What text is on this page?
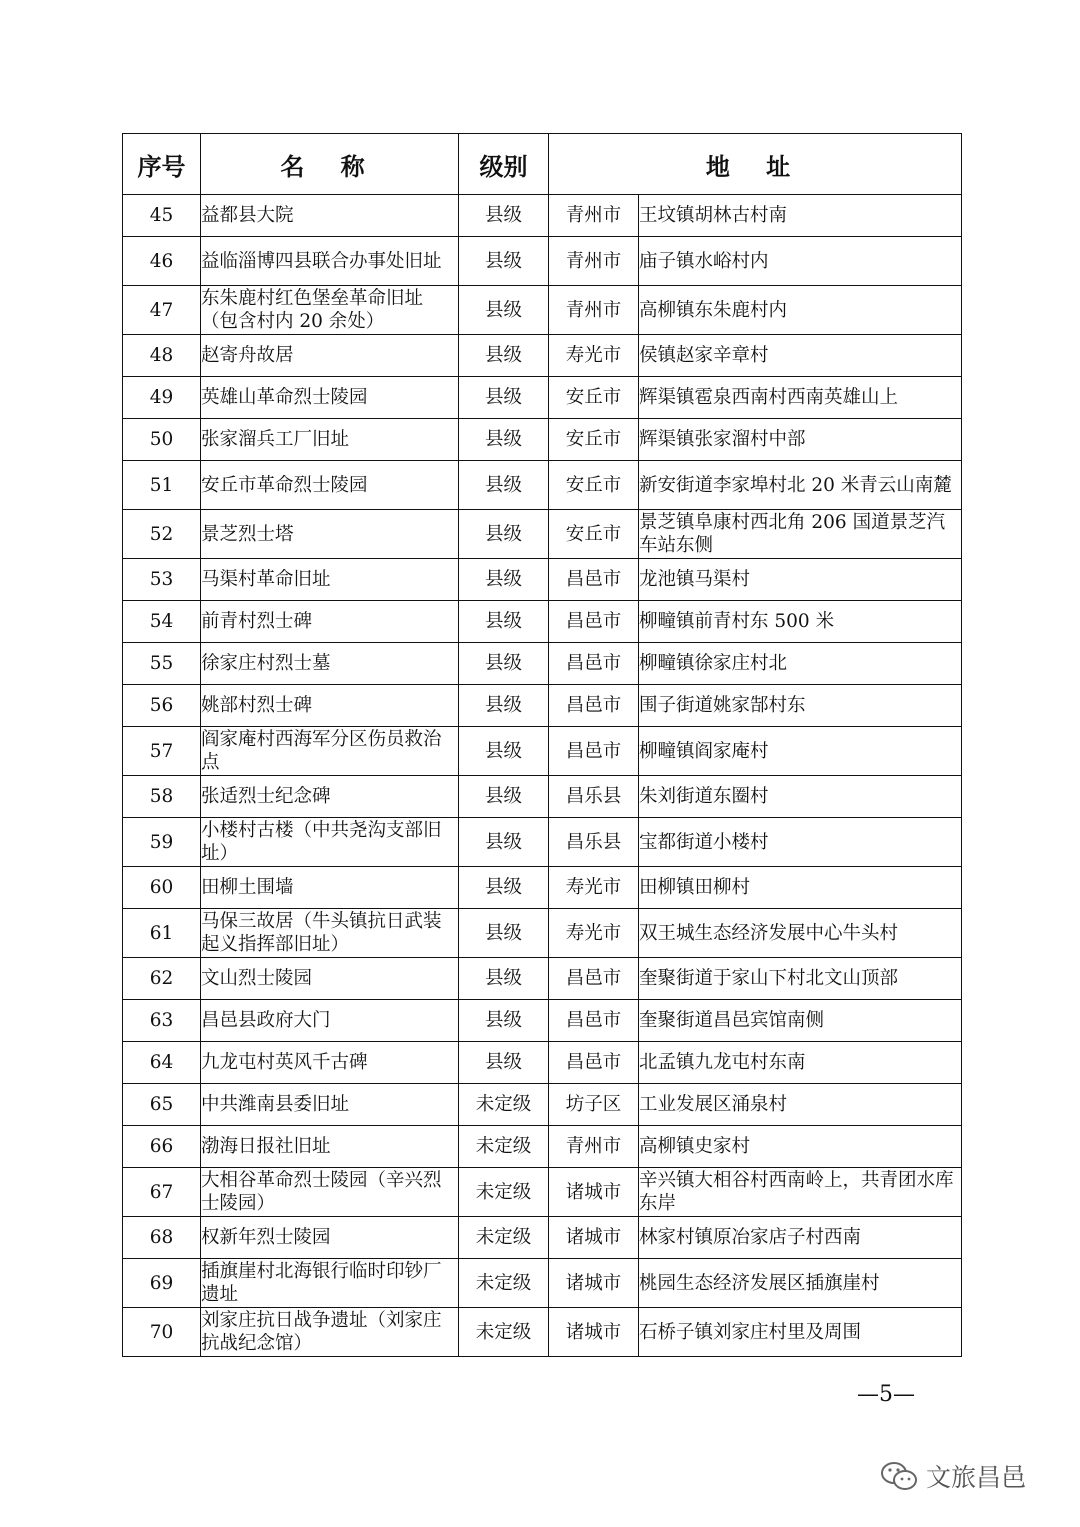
序号	名 称	级别	地 址	
45	益都县大院	县级	青州市	王坟镇胡林古村南
46	益临淄博四县联合办事处旧址	县级	青州市	庙子镇水峪村内
47	东朱鹿村红色堡垒革命旧址（包含村内 20 余处）	县级	青州市	高柳镇东朱鹿村内
48	赵寄舟故居	县级	寿光市	侯镇赵家辛章村
49	英雄山革命烈士陵园	县级	安丘市	辉渠镇雹泉西南村西南英雄山上
50	张家溜兵工厂旧址	县级	安丘市	辉渠镇张家溜村中部
51	安丘市革命烈士陵园	县级	安丘市	新安街道李家埠村北 20 米青云山南麓
52	景芝烈士塔	县级	安丘市	景芝镇阜康村西北角 206 国道景芝汽车站东侧
53	马渠村革命旧址	县级	昌邑市	龙池镇马渠村
54	前青村烈士碑	县级	昌邑市	柳疃镇前青村东 500 米
55	徐家庄村烈士墓	县级	昌邑市	柳疃镇徐家庄村北
56	姚部村烈士碑	县级	昌邑市	围子街道姚家郜村东
57	阎家庵村西海军分区伤员救治点	县级	昌邑市	柳疃镇阎家庵村
58	张适烈士纪念碑	县级	昌乐县	朱刘街道东圈村
59	小楼村古楼（中共尧沟支部旧址）	县级	昌乐县	宝都街道小楼村
60	田柳土围墙	县级	寿光市	田柳镇田柳村
61	马保三故居（牛头镇抗日武装起义指挥部旧址）	县级	寿光市	双王城生态经济发展中心牛头村
62	文山烈士陵园	县级	昌邑市	奎聚街道于家山下村北文山顶部
63	昌邑县政府大门	县级	昌邑市	奎聚街道昌邑宾馆南侧
64	九龙屯村英风千古碑	县级	昌邑市	北孟镇九龙屯村东南
65	中共潍南县委旧址	未定级	坊子区	工业发展区涌泉村
66	渤海日报社旧址	未定级	青州市	高柳镇史家村
67	大相谷革命烈士陵园（辛兴烈士陵园）	未定级	诸城市	辛兴镇大相谷村西南岭上，共青团水库东岸
68	权新年烈士陵园	未定级	诸城市	林家村镇原冶家店子村西南
69	插旗崖村北海银行临时印钞厂遗址	未定级	诸城市	桃园生态经济发展区插旗崖村
70	刘家庄抗日战争遗址（刘家庄抗战纪念馆）	未定级	诸城市	石桥子镇刘家庄村里及周围
—5—
文旅昌邑
